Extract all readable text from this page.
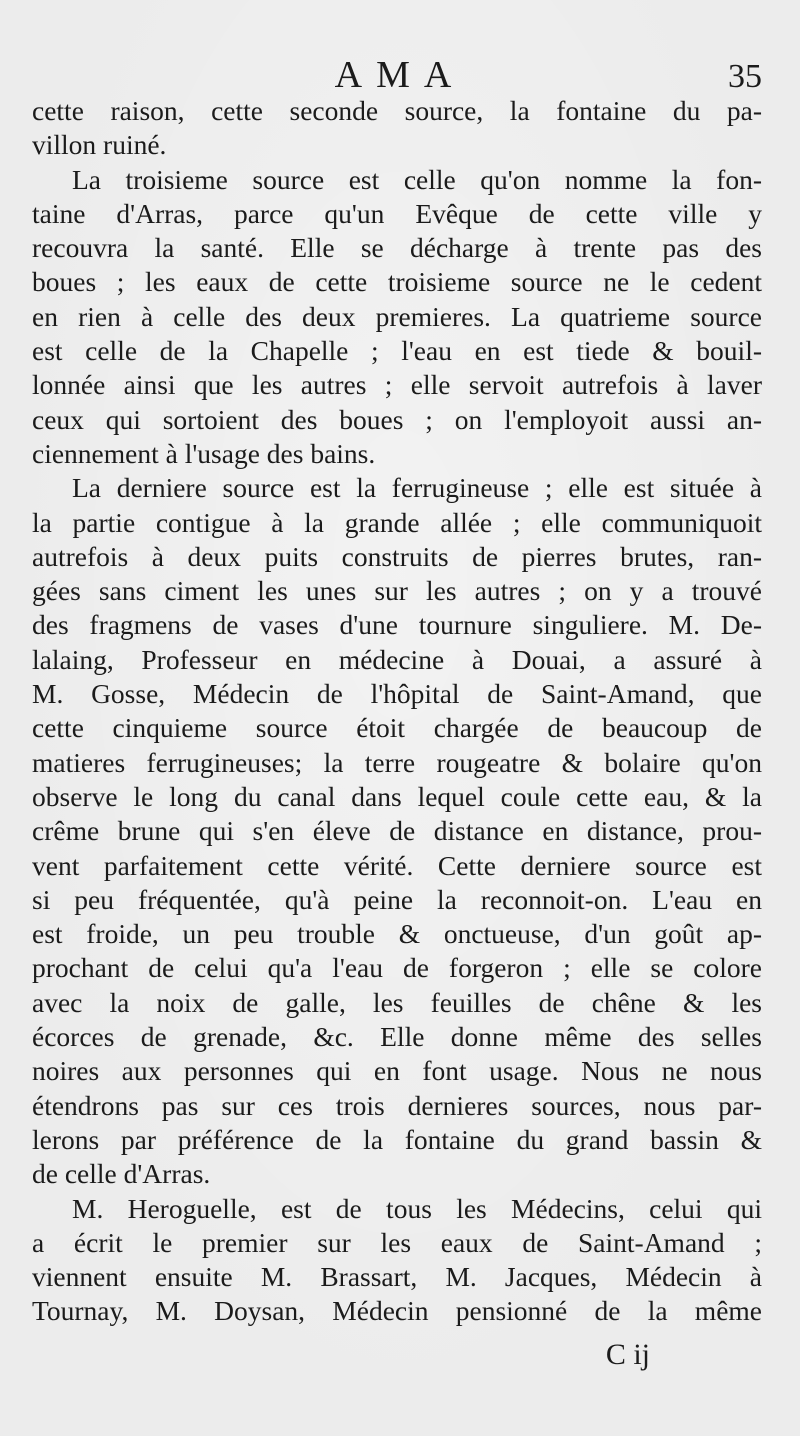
AMA	35
cette raison, cette seconde source, la fontaine du pa-
villon ruiné.
La troisieme source est celle qu'on nomme la fon-
taine d'Arras, parce qu'un Evêque de cette ville y
recouvra la santé. Elle se décharge à trente pas des
boues ; les eaux de cette troisieme source ne le cedent
en rien à celle des deux premieres. La quatrieme source
est celle de la Chapelle ; l'eau en est tiede & bouil-
lonnée ainsi que les autres ; elle servoit autrefois à laver
ceux qui sortoient des boues ; on l'employoit aussi an-
ciennement à l'usage des bains.
La derniere source est la ferrugineuse ; elle est située à
la partie contigue à la grande allée ; elle communiquoit
autrefois à deux puits construits de pierres brutes, ran-
gées sans ciment les unes sur les autres ; on y a trouvé
des fragmens de vases d'une tournure singuliere. M. De-
lalaing, Professeur en médecine à Douai, a assuré à
M. Gosse, Médecin de l'hôpital de Saint-Amand, que
cette cinquieme source étoit chargée de beaucoup de
matieres ferrugineuses; la terre rougeatre & bolaire qu'on
observe le long du canal dans lequel coule cette eau, & la
crême brune qui s'en éleve de distance en distance, prou-
vent parfaitement cette vérité. Cette derniere source est
si peu fréquentée, qu'à peine la reconnoit-on. L'eau en
est froide, un peu trouble & onctueuse, d'un goût ap-
prochant de celui qu'a l'eau de forgeron ; elle se colore
avec la noix de galle, les feuilles de chêne & les
écorces de grenade, &c. Elle donne même des selles
noires aux personnes qui en font usage. Nous ne nous
étendrons pas sur ces trois dernieres sources, nous par-
lerons par préférence de la fontaine du grand bassin &
de celle d'Arras.
M. Heroguelle, est de tous les Médecins, celui qui
a écrit le premier sur les eaux de Saint-Amand ;
viennent ensuite M. Brassart, M. Jacques, Médecin à
Tournay, M. Doysan, Médecin pensionné de la même
C ij
